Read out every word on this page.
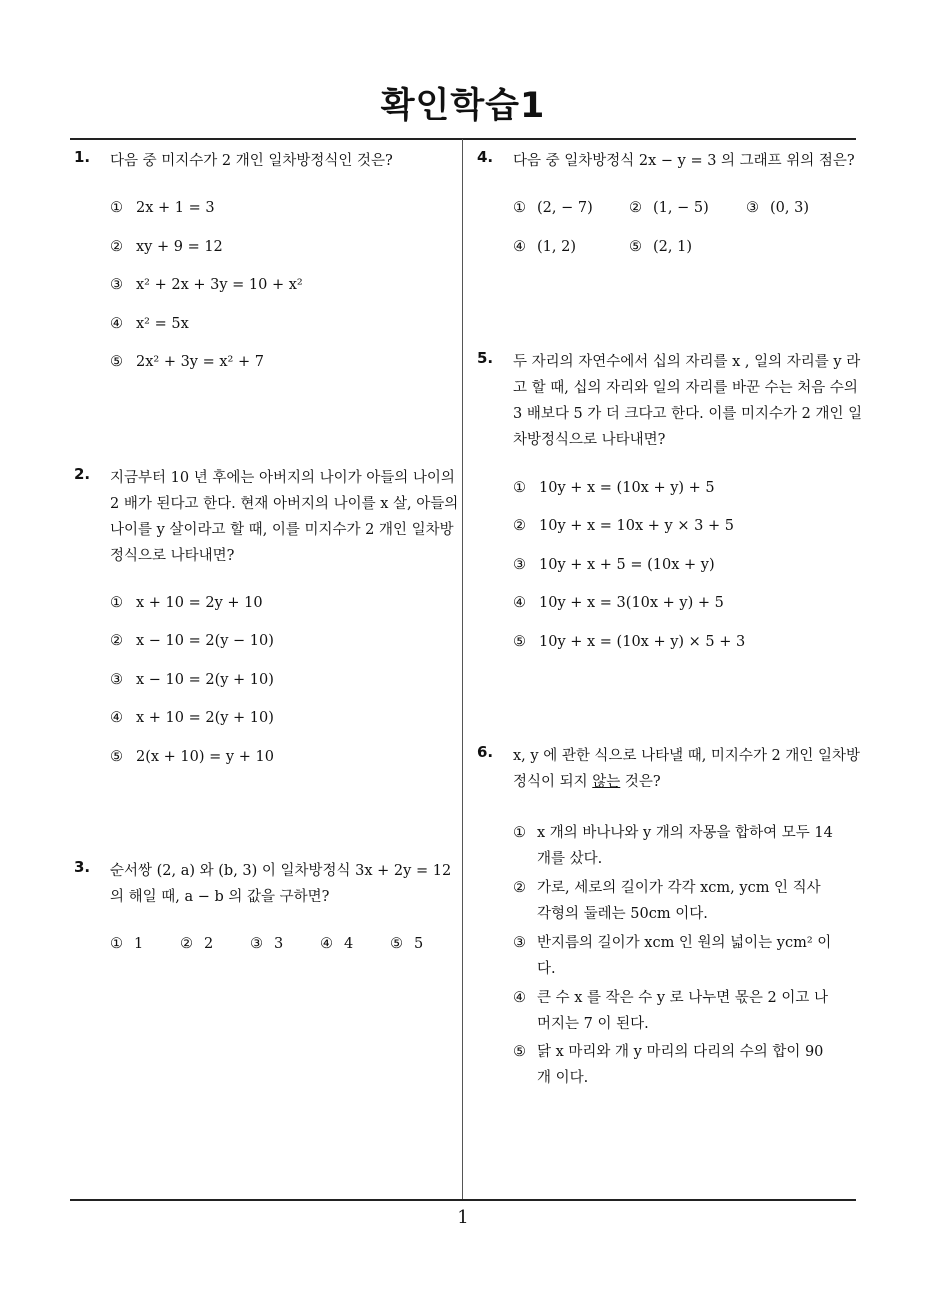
확인학습1
1
1. 다음 중 미지수가 2 개인 일차방정식인 것은?
① 2x + 1 = 3
② xy + 9 = 12
③ x² + 2x + 3y = 10 + x²
④ x² = 5x
⑤ 2x² + 3y = x² + 7
2. 지금부터 10 년 후에는 아버지의 나이가 아들의 나이의 2 배가 된다고 한다. 현재 아버지의 나이를 x 살, 아들의 나이를 y 살이라고 할 때, 이를 미지수가 2 개인 일차방정식으로 나타내면?
① x + 10 = 2y + 10
② x − 10 = 2(y − 10)
③ x − 10 = 2(y + 10)
④ x + 10 = 2(y + 10)
⑤ 2(x + 10) = y + 10
3. 순서쌍 (2, a) 와 (b, 3) 이 일차방정식 3x + 2y = 12 의 해일 때, a − b 의 값을 구하면?
① 1	② 2	③ 3	④ 4	⑤ 5
4. 다음 중 일차방정식 2x − y = 3 의 그래프 위의 점은?
① (2, − 7)	② (1, − 5)	③ (0, 3)
④ (1, 2)	⑤ (2, 1)
5. 두 자리의 자연수에서 십의 자리를 x , 일의 자리를 y 라고 할 때, 십의 자리와 일의 자리를 바꾼 수는 처음 수의 3 배보다 5 가 더 크다고 한다. 이를 미지수가 2 개인 일차방정식으로 나타내면?
① 10y + x = (10x + y) + 5
② 10y + x = 10x + y × 3 + 5
③ 10y + x + 5 = (10x + y)
④ 10y + x = 3(10x + y) + 5
⑤ 10y + x = (10x + y) × 5 + 3
6. x, y 에 관한 식으로 나타낼 때, 미지수가 2 개인 일차방정식이 되지 않는 것은?
① x 개의 바나나와 y 개의 자몽을 합하여 모두 14 개를 샀다.
② 가로, 세로의 길이가 각각 xcm, ycm 인 직사각형의 둘레는 50cm 이다.
③ 반지름의 길이가 xcm 인 원의 넓이는 ycm² 이다.
④ 큰 수 x 를 작은 수 y 로 나누면 몫은 2 이고 나머지는 7 이 된다.
⑤ 닭 x 마리와 개 y 마리의 다리의 수의 합이 90 개 이다.
